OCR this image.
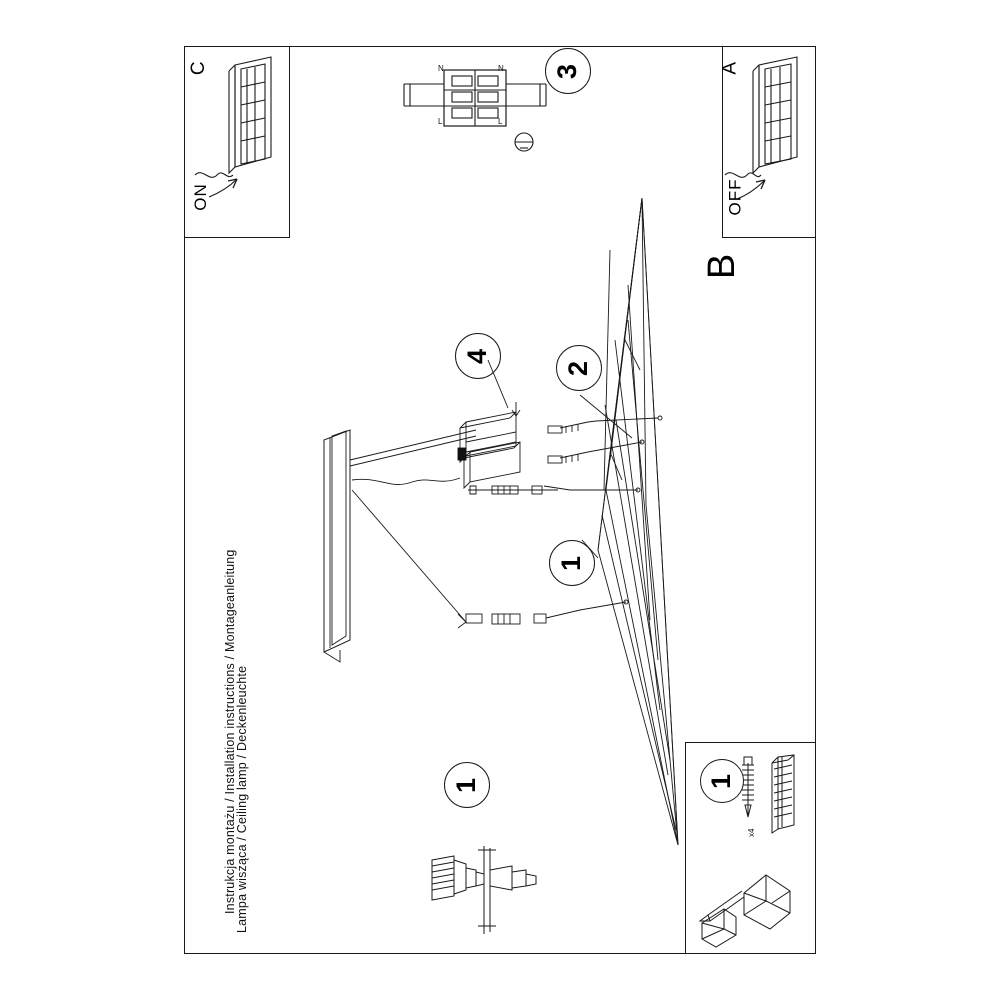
C
ON
A
OFF
N
L
N
L
3
B
4
2
1
Instrukcja montażu / Installation instructions / Montageanleitung
Lampa wisząca / Ceiling lamp / Deckenleuchte	1
x4
1
